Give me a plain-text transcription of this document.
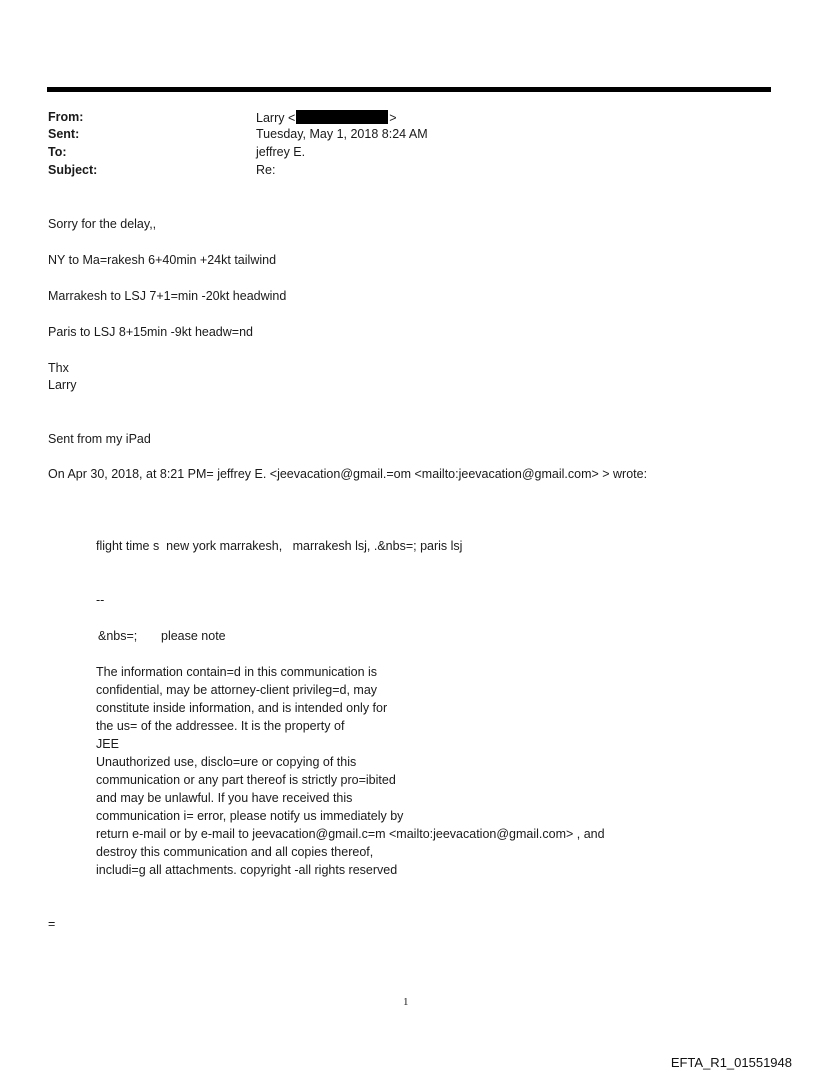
From:	Larry <	>
Sent:	Tuesday, May 1, 2018 8:24 AM
To:	jeffrey E.
Subject:	Re:
Sorry for the delay,,
NY to Ma=rakesh 6+40min +24kt tailwind
Marrakesh to LSJ 7+1=min -20kt headwind
Paris to LSJ 8+15min -9kt headw=nd
Thx
Larry
Sent from my iPad
On Apr 30, 2018, at 8:21 PM= jeffrey E. <jeevacation@gmail.=om <mailto:jeevacation@gmail.com> > wrote:
flight time s  new york marrakesh,   marrakesh lsj, .&nbs=; paris lsj
--
&nbs=; please note
The information contain=d in this communication is
confidential, may be attorney-client privileg=d, may
constitute inside information, and is intended only for
the us= of the addressee. It is the property of
JEE
Unauthorized use, disclo=ure or copying of this
communication or any part thereof is strictly pro=ibited
and may be unlawful. If you have received this
communication i= error, please notify us immediately by
return e-mail or by e-mail to jeevacation@gmail.c=m <mailto:jeevacation@gmail.com> , and
destroy this communication and all copies thereof,
includi=g all attachments. copyright -all rights reserved
=
1
EFTA_R1_01551948
